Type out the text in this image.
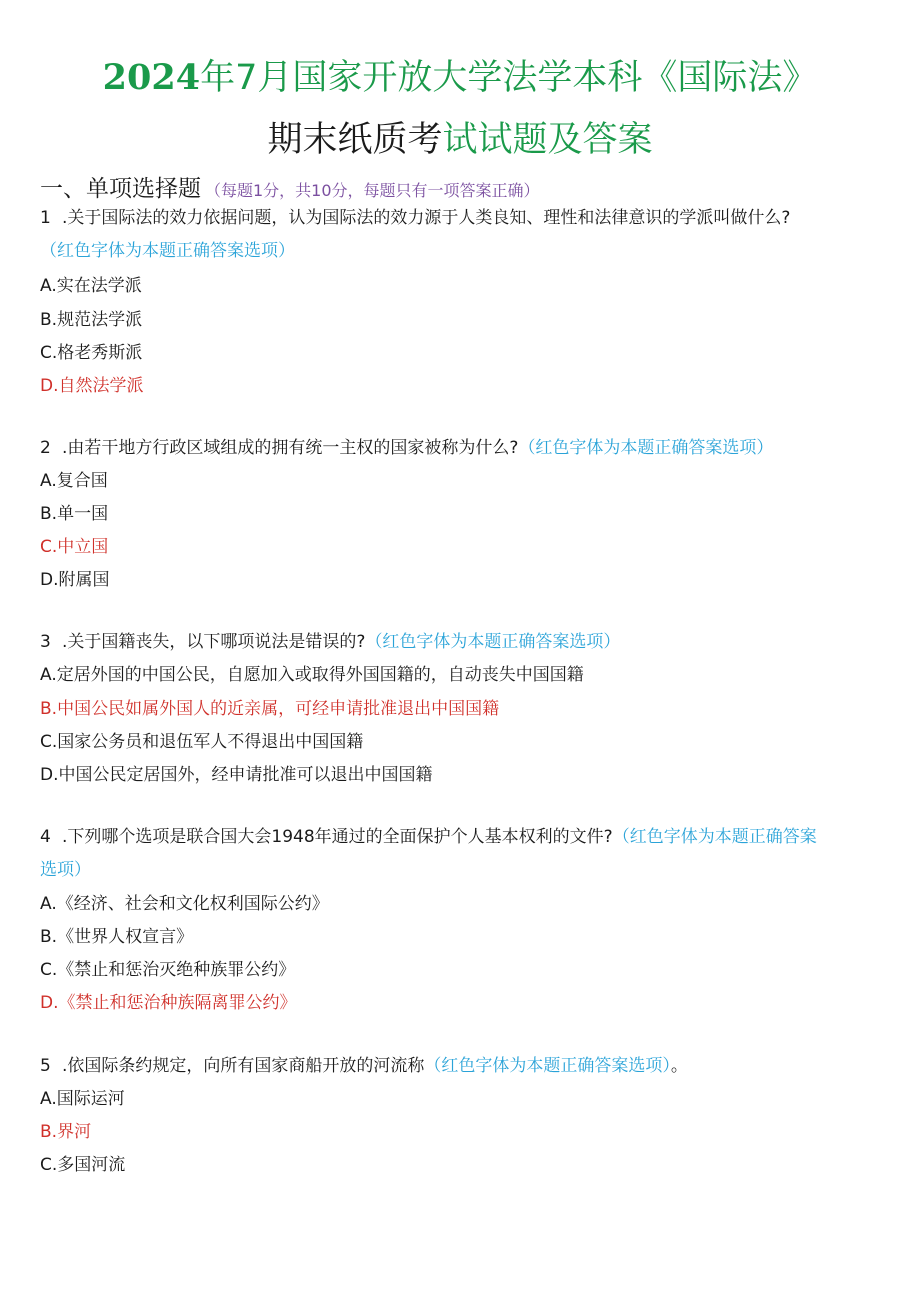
2024年7月国家开放大学法学本科《国际法》
期末纸质考试试题及答案
一、单项选择题 （每题1分，共10分，每题只有一项答案正确）
1 .关于国际法的效力依据问题，认为国际法的效力源于人类良知、理性和法律意识的学派叫做什么?
（红色字体为本题正确答案选项）
A.实在法学派
B.规范法学派
C.格老秀斯派
D.自然法学派
2 .由若干地方行政区域组成的拥有统一主权的国家被称为什么?（红色字体为本题正确答案选项）
A.复合国
B.单一国
C.中立国
D.附属国
3 .关于国籍丧失，以下哪项说法是错误的?（红色字体为本题正确答案选项）
A.定居外国的中国公民，自愿加入或取得外国国籍的，自动丧失中国国籍
B.中国公民如属外国人的近亲属，可经申请批准退出中国国籍
C.国家公务员和退伍军人不得退出中国国籍
D.中国公民定居国外，经申请批准可以退出中国国籍
4 .下列哪个选项是联合国大会1948年通过的全面保护个人基本权利的文件?（红色字体为本题正确答案
选项）
A.《经济、社会和文化权利国际公约》
B.《世界人权宣言》
C.《禁止和惩治灭绝种族罪公约》
D.《禁止和惩治种族隔离罪公约》
5 .依国际条约规定，向所有国家商船开放的河流称（红色字体为本题正确答案选项）。
A.国际运河
B.界河
C.多国河流
